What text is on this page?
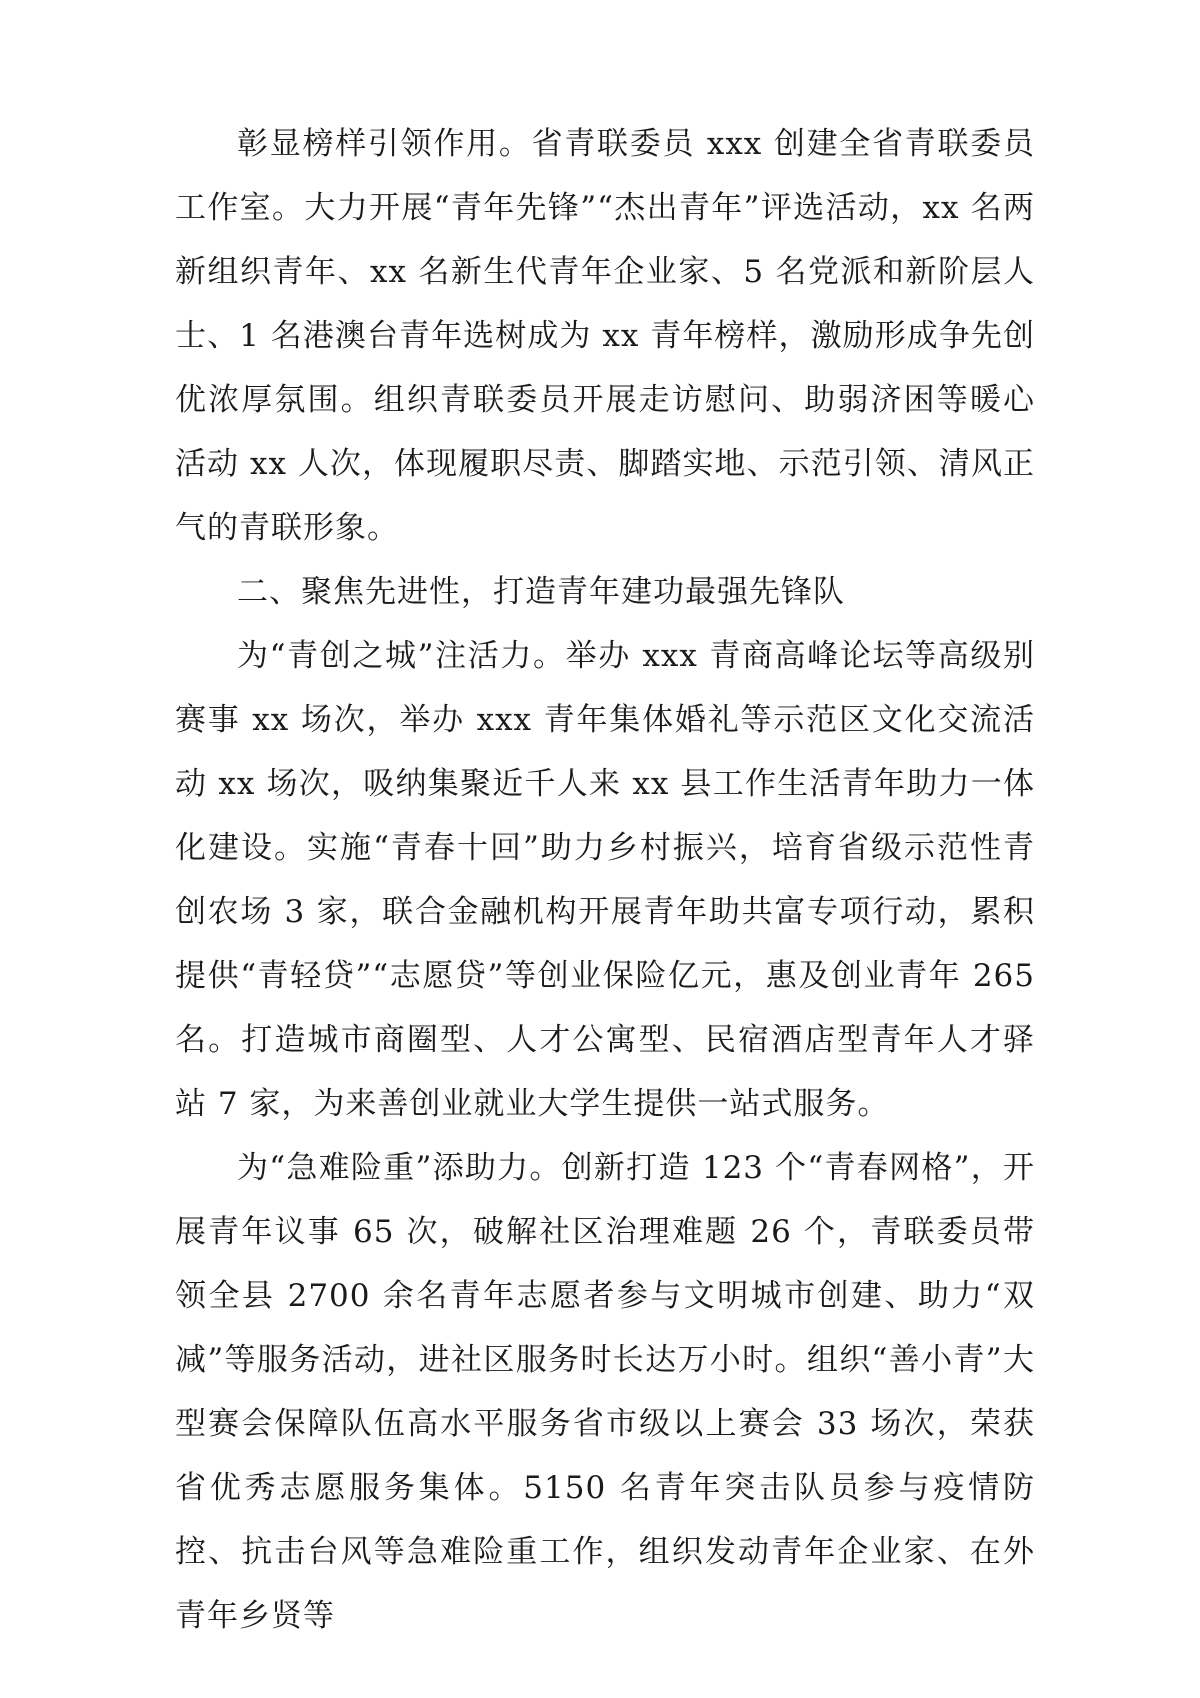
彰显榜样引领作用。省青联委员 xxx 创建全省青联委员工作室。大力开展“青年先锋”“杰出青年”评选活动，xx 名两新组织青年、xx 名新生代青年企业家、5 名党派和新阶层人士、1 名港澳台青年选树成为 xx 青年榜样，激励形成争先创优浓厚氛围。组织青联委员开展走访慰问、助弱济困等暖心活动 xx 人次，体现履职尽责、脚踏实地、示范引领、清风正气的青联形象。

二、聚焦先进性，打造青年建功最强先锋队

为“青创之城”注活力。举办 xxx 青商高峰论坛等高级别赛事 xx 场次，举办 xxx 青年集体婚礼等示范区文化交流活动 xx 场次，吸纳集聚近千人来 xx 县工作生活青年助力一体化建设。实施“青春十回”助力乡村振兴，培育省级示范性青创农场 3 家，联合金融机构开展青年助共富专项行动，累积提供“青轻贷”“志愿贷”等创业保险亿元，惠及创业青年 265 名。打造城市商圈型、人才公寓型、民宿酒店型青年人才驿站 7 家，为来善创业就业大学生提供一站式服务。

为“急难险重”添助力。创新打造 123 个“青春网格”，开展青年议事 65 次，破解社区治理难题 26 个，青联委员带领全县 2700 余名青年志愿者参与文明城市创建、助力“双减”等服务活动，进社区服务时长达万小时。组织“善小青”大型赛会保障队伍高水平服务省市级以上赛会 33 场次，荣获省优秀志愿服务集体。5150 名青年突击队员参与疫情防控、抗击台风等急难险重工作，组织发动青年企业家、在外青年乡贤等
